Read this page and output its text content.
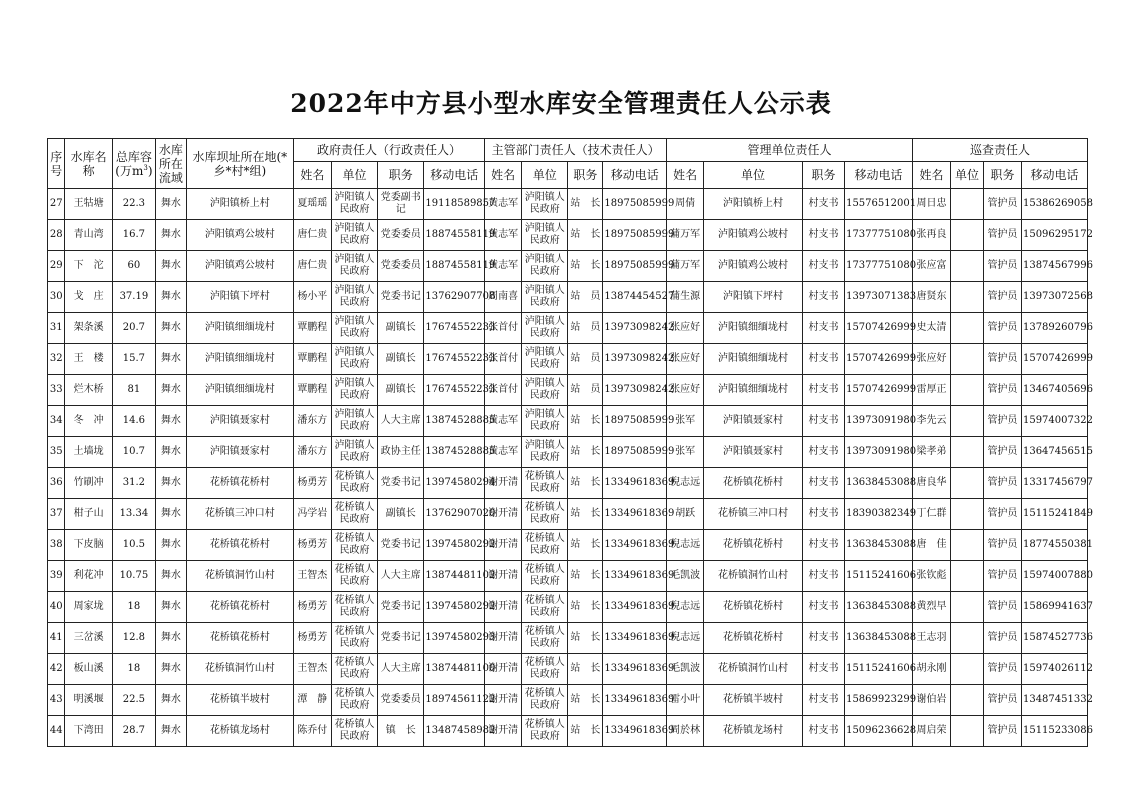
2022年中方县小型水库安全管理责任人公示表
序号	水库名称	总库容(万$m^3$)	水库所在流域	水库坝址所在地(*乡*村*组)	政府责任人（行政责任人）				主管部门责任人（技术责任人）				管理单位责任人				巡查责任人			
					姓名	单位	职务	移动电话	姓名	单位	职务	移动电话	姓名	单位	职务	移动电话	姓名	单位	职务	移动电话
27	王牯塘	22.3	舞水	泸阳镇桥上村	夏瑶瑶	泸阳镇人民政府	党委副书记	19118589857	黄志军	泸阳镇人民政府	站　长	18975085999	周倩	泸阳镇桥上村	村支书	15576512001	周日忠		管护员	15386269058
28	青山湾	16.7	舞水	泸阳镇鸡公坡村	唐仁贵	泸阳镇人民政府	党委委员	18874558119	黄志军	泸阳镇人民政府	站　长	18975085999	蒲万军	泸阳镇鸡公坡村	村支书	17377751080	张再良		管护员	15096295172
29	下　沱	60	舞水	泸阳镇鸡公坡村	唐仁贵	泸阳镇人民政府	党委委员	18874558119	黄志军	泸阳镇人民政府	站　长	18975085999	蒲万军	泸阳镇鸡公坡村	村支书	17377751080	张应富		管护员	13874567996
30	戈　庄	37.19	舞水	泸阳镇下坪村	杨小平	泸阳镇人民政府	党委书记	13762907708	周南喜	泸阳镇人民政府	站　员	13874454527	蒲生源	泸阳镇下坪村	村支书	13973071383	唐贤东		管护员	13973072568
31	架条溪	20.7	舞水	泸阳镇细缅垅村	覃鹏程	泸阳镇人民政府	副镇长	17674552233	张首付	泸阳镇人民政府	站　员	13973098242	张应好	泸阳镇细缅垅村	村支书	15707426999	史太清		管护员	13789260796
32	王　楼	15.7	舞水	泸阳镇细缅垅村	覃鹏程	泸阳镇人民政府	副镇长	17674552233	张首付	泸阳镇人民政府	站　员	13973098242	张应好	泸阳镇细缅垅村	村支书	15707426999	张应好		管护员	15707426999
33	烂木桥	81	舞水	泸阳镇细缅垅村	覃鹏程	泸阳镇人民政府	副镇长	17674552233	张首付	泸阳镇人民政府	站　员	13973098242	张应好	泸阳镇细缅垅村	村支书	15707426999	雷厚正		管护员	13467405696
34	冬　冲	14.6	舞水	泸阳镇聂家村	潘东方	泸阳镇人民政府	人大主席	13874528885	黄志军	泸阳镇人民政府	站　长	18975085999	张军	泸阳镇聂家村	村支书	13973091980	李先云		管护员	15974007322
35	土墙垅	10.7	舞水	泸阳镇聂家村	潘东方	泸阳镇人民政府	政协主任	13874528885	黄志军	泸阳镇人民政府	站　长	18975085999	张军	泸阳镇聂家村	村支书	13973091980	梁孝弟		管护员	13647456515
36	竹刷冲	31.2	舞水	花桥镇花桥村	杨勇芳	花桥镇人民政府	党委书记	13974580294	谢开清	花桥镇人民政府	站　长	13349618369	倪志远	花桥镇花桥村	村支书	13638453088	唐良华		管护员	13317456797
37	柑子山	13.34	舞水	花桥镇三冲口村	冯学岩	花桥镇人民政府	副镇长	13762907020	谢开清	花桥镇人民政府	站　长	13349618369	胡跃	花桥镇三冲口村	村支书	18390382349	丁仁群		管护员	15115241849
38	下皮脑	10.5	舞水	花桥镇花桥村	杨勇芳	花桥镇人民政府	党委书记	13974580292	谢开清	花桥镇人民政府	站　长	13349618369	倪志远	花桥镇花桥村	村支书	13638453088	唐　佳		管护员	18774550381
39	利花冲	10.75	舞水	花桥镇洞竹山村	王智杰	花桥镇人民政府	人大主席	13874481102	谢开清	花桥镇人民政府	站　长	13349618369	毛凯波	花桥镇洞竹山村	村支书	15115241606	张钦彪		管护员	15974007880
40	周家垅	18	舞水	花桥镇花桥村	杨勇芳	花桥镇人民政府	党委书记	13974580292	谢开清	花桥镇人民政府	站　长	13349618369	倪志远	花桥镇花桥村	村支书	13638453088	黄烈早		管护员	15869941637
41	三岔溪	12.8	舞水	花桥镇花桥村	杨勇芳	花桥镇人民政府	党委书记	13974580293	谢开清	花桥镇人民政府	站　长	13349618369	倪志远	花桥镇花桥村	村支书	13638453088	王志羽		管护员	15874527736
42	板山溪	18	舞水	花桥镇洞竹山村	王智杰	花桥镇人民政府	人大主席	13874481100	谢开清	花桥镇人民政府	站　长	13349618369	毛凯波	花桥镇洞竹山村	村支书	15115241606	胡永刚		管护员	15974026112
43	明溪堰	22.5	舞水	花桥镇半坡村	潭　静	花桥镇人民政府	党委委员	18974561122	谢开清	花桥镇人民政府	站　长	13349618369	雷小叶	花桥镇半坡村	村支书	15869923299	谢伯岩		管护员	13487451332
44	下湾田	28.7	舞水	花桥镇龙场村	陈乔付	花桥镇人民政府	镇　长	13487458982	谢开清	花桥镇人民政府	站　长	13349618369	周於林	花桥镇龙场村	村支书	15096236628	周启荣		管护员	15115233086
